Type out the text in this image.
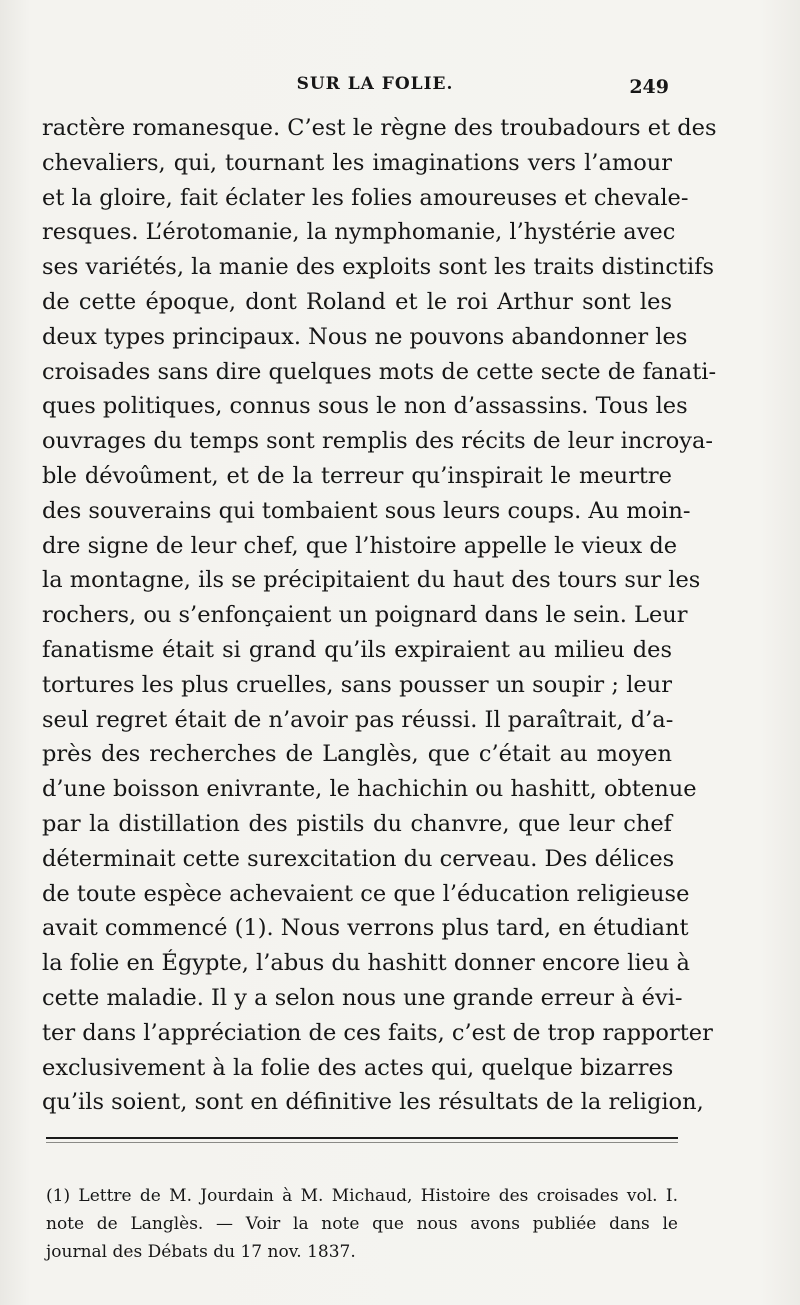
SUR LA FOLIE.	249
ractère romanesque. C’est le règne des troubadours et des
chevaliers, qui, tournant les imaginations vers l’amour
et la gloire, fait éclater les folies amoureuses et chevale-
resques. L’érotomanie, la nymphomanie, l’hystérie avec
ses variétés, la manie des exploits sont les traits distinctifs
de cette époque, dont Roland et le roi Arthur sont les
deux types principaux. Nous ne pouvons abandonner les
croisades sans dire quelques mots de cette secte de fanati-
ques politiques, connus sous le non d’assassins. Tous les
ouvrages du temps sont remplis des récits de leur incroya-
ble dévoûment, et de la terreur qu’inspirait le meurtre
des souverains qui tombaient sous leurs coups. Au moin-
dre signe de leur chef, que l’histoire appelle le vieux de
la montagne, ils se précipitaient du haut des tours sur les
rochers, ou s’enfonçaient un poignard dans le sein. Leur
fanatisme était si grand qu’ils expiraient au milieu des
tortures les plus cruelles, sans pousser un soupir ; leur
seul regret était de n’avoir pas réussi. Il paraîtrait, d’a-
près des recherches de Langlès, que c’était au moyen
d’une boisson enivrante, le hachichin ou hashitt, obtenue
par la distillation des pistils du chanvre, que leur chef
déterminait cette surexcitation du cerveau. Des délices
de toute espèce achevaient ce que l’éducation religieuse
avait commencé (1). Nous verrons plus tard, en étudiant
la folie en Égypte, l’abus du hashitt donner encore lieu à
cette maladie. Il y a selon nous une grande erreur à évi-
ter dans l’appréciation de ces faits, c’est de trop rapporter
exclusivement à la folie des actes qui, quelque bizarres
qu’ils soient, sont en définitive les résultats de la religion,
(1) Lettre de M. Jourdain à M. Michaud, Histoire des croisades vol. I.
note de Langlès. — Voir la note que nous avons publiée dans le
journal des Débats du 17 nov. 1837.
